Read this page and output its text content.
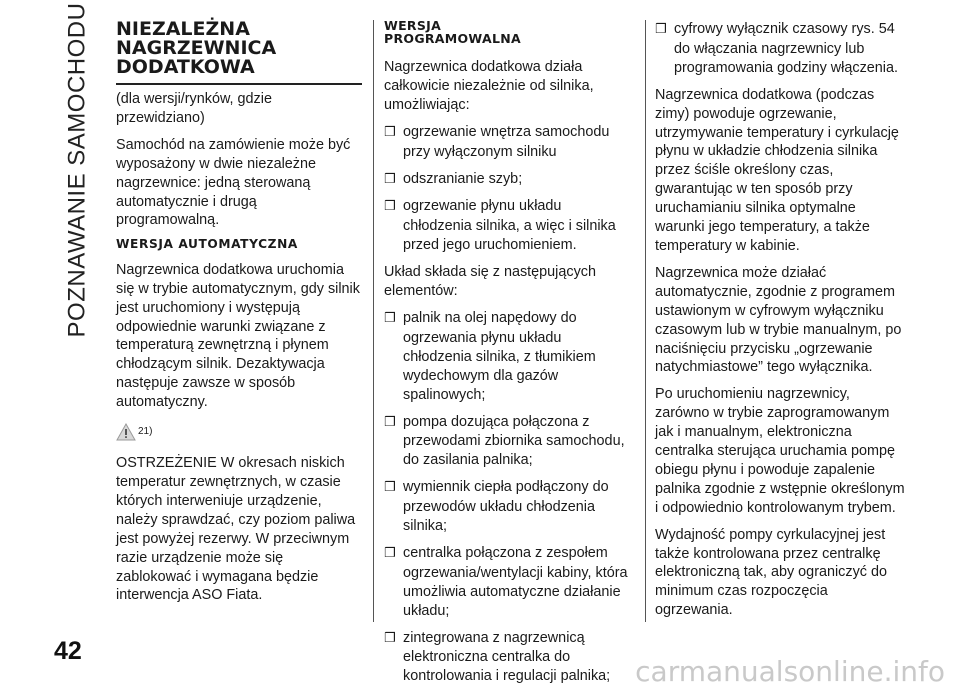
POZNAWANIE SAMOCHODU NIEZALEŻNA
NAGRZEWNICA
DODATKOWA

(dla wersji/rynków, gdzie przewidziano)

Samochód na zamówienie może być wyposażony w dwie niezależne nagrzewnice: jedną sterowaną automatycznie i drugą programowalną.

WERSJA AUTOMATYCZNA

Nagrzewnica dodatkowa uruchomia się w trybie automatycznym, gdy silnik jest uruchomiony i występują odpowiednie warunki związane z temperaturą zewnętrzną i płynem chłodzącym silnik. Dezaktywacja następuje zawsze w sposób automatyczny.

21)

OSTRZEŻENIE W okresach niskich temperatur zewnętrznych, w czasie których interweniuje urządzenie, należy sprawdzać, czy poziom paliwa jest powyżej rezerwy. W przeciwnym razie urządzenie może się zablokować i wymagana będzie interwencja ASO Fiata.

WERSJA
PROGRAMOWALNA

Nagrzewnica dodatkowa działa całkowicie niezależnie od silnika, umożliwiając:

❒ ogrzewanie wnętrza samochodu przy wyłączonym silniku
❒ odszranianie szyb;
❒ ogrzewanie płynu układu chłodzenia silnika, a więc i silnika przed jego uruchomieniem.

Układ składa się z następujących elementów:

❒ palnik na olej napędowy do ogrzewania płynu układu chłodzenia silnika, z tłumikiem wydechowym dla gazów spalinowych;
❒ pompa dozująca połączona z przewodami zbiornika samochodu, do zasilania palnika;
❒ wymiennik ciepła podłączony do przewodów układu chłodzenia silnika;
❒ centralka połączona z zespołem ogrzewania/wentylacji kabiny, która umożliwia automatyczne działanie układu;
❒ zintegrowana z nagrzewnicą elektroniczna centralka do kontrolowania i regulacji palnika;
❒ cyfrowy wyłącznik czasowy rys. 54 do włączania nagrzewnicy lub programowania godziny włączenia.

Nagrzewnica dodatkowa (podczas zimy) powoduje ogrzewanie, utrzymywanie temperatury i cyrkulację płynu w układzie chłodzenia silnika przez ściśle określony czas, gwarantując w ten sposób przy uruchamianiu silnika optymalne warunki jego temperatury, a także temperatury w kabinie.

Nagrzewnica może działać automatycznie, zgodnie z programem ustawionym w cyfrowym wyłączniku czasowym lub w trybie manualnym, po naciśnięciu przycisku „ogrzewanie natychmiastowe” tego wyłącznika.

Po uruchomieniu nagrzewnicy, zarówno w trybie zaprogramowanym jak i manualnym, elektroniczna centralka sterująca uruchamia pompę obiegu płynu i powoduje zapalenie palnika zgodnie z wstępnie określonym i odpowiednio kontrolowanym trybem.

Wydajność pompy cyrkulacyjnej jest także kontrolowana przez centralkę elektroniczną tak, aby ograniczyć do minimum czas rozpoczęcia ogrzewania.

42
carmanualsonline.info
